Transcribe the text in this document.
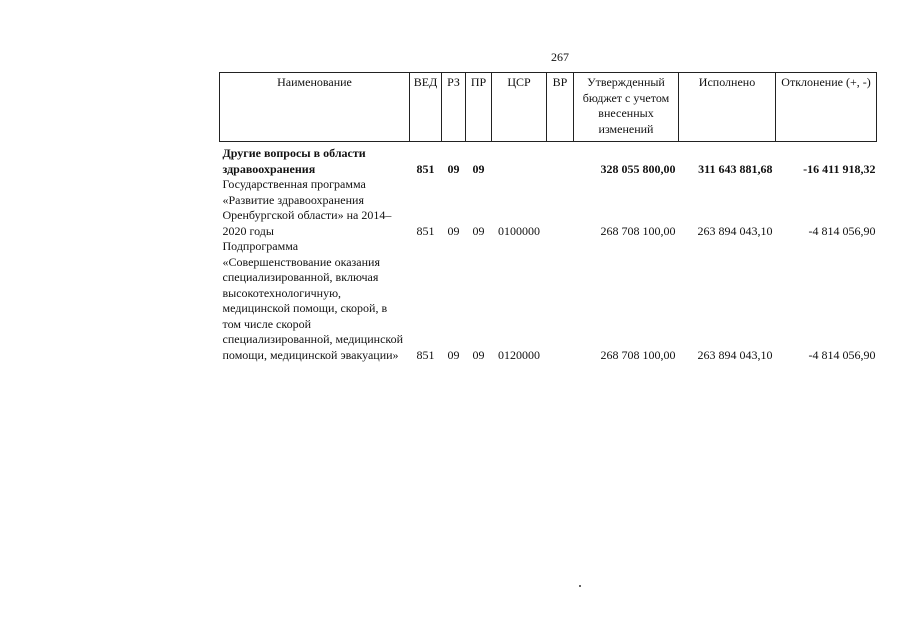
267
Наименование	ВЕД	РЗ	ПР	ЦСР	ВР	Утвержденный бюджет с учетом внесенных изменений	Исполнено	Отклонение (+, -)
Другие вопросы в области здравоохранения	851	09	09			328 055 800,00	311 643 881,68	-16 411 918,32
Государственная программа «Развитие здравоохранения Оренбургской области» на 2014–2020 годы	851	09	09	0100000		268 708 100,00	263 894 043,10	-4 814 056,90
Подпрограмма «Совершенствование оказания специализированной, включая высокотехнологичную, медицинской помощи, скорой, в том числе скорой специализированной, медицинской помощи, медицинской эвакуации»	851	09	09	0120000		268 708 100,00	263 894 043,10	-4 814 056,90
